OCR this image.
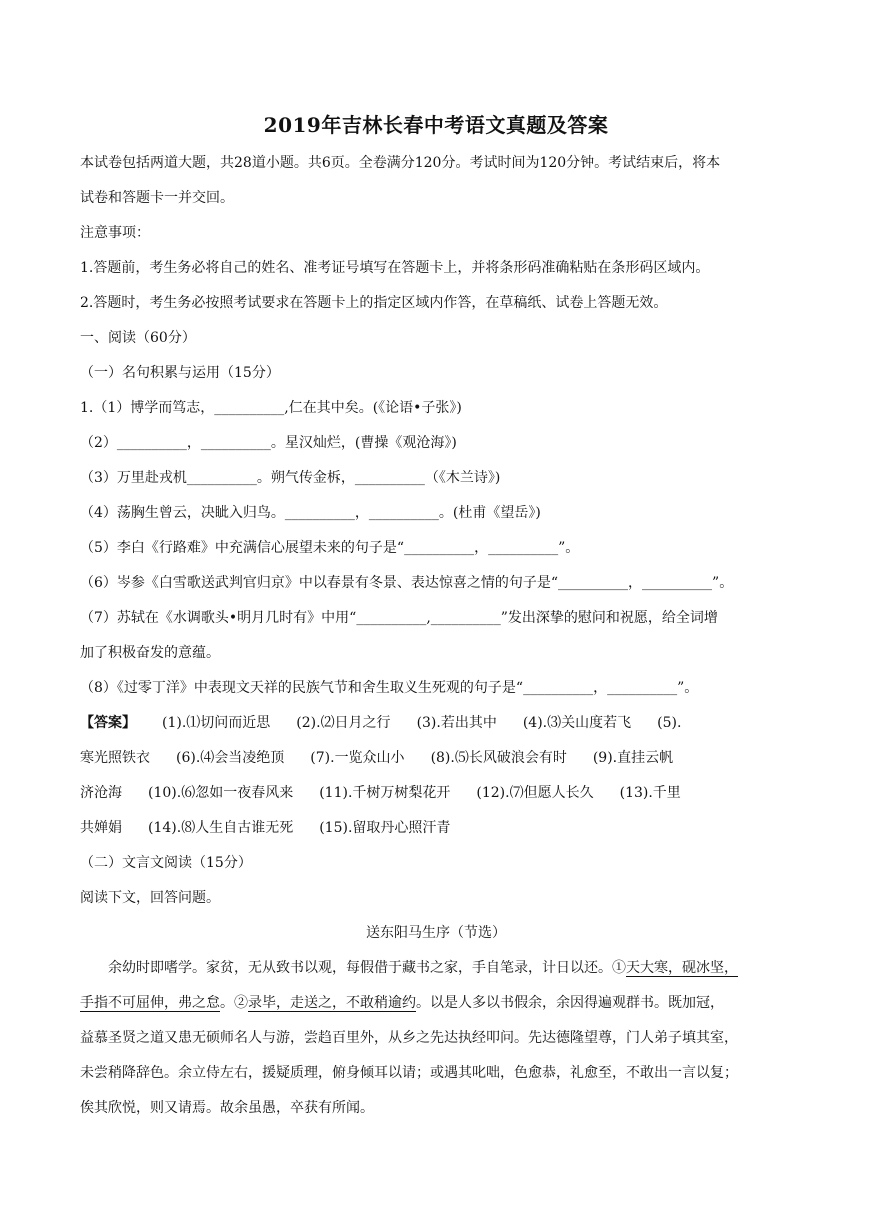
2019年吉林长春中考语文真题及答案
本试卷包括两道大题，共28道小题。共6页。全卷满分120分。考试时间为120分钟。考试结束后，将本
试卷和答题卡一并交回。
注意事项：
1.答题前，考生务必将自己的姓名、准考证号填写在答题卡上，并将条形码准确粘贴在条形码区域内。
2.答题时，考生务必按照考试要求在答题卡上的指定区域内作答，在草稿纸、试卷上答题无效。
一、阅读（60分）
（一）名句积累与运用（15分）
1.（1）博学而笃志，__________,仁在其中矣。(《论语•子张》)
（2）__________，__________。星汉灿烂，(曹操《观沧海》)
（3）万里赴戎机__________。朔气传金柝，__________（《木兰诗》)
（4）荡胸生曾云，决眦入归鸟。__________，__________。(杜甫《望岳》)
（5）李白《行路难》中充满信心展望未来的句子是“__________，__________”。
（6）岑参《白雪歌送武判官归京》中以春景有冬景、表达惊喜之情的句子是“__________，__________”。
（7）苏轼在《水调歌头•明月几时有》中用“__________,__________”发出深挚的慰问和祝愿，给全词增
加了积极奋发的意蕴。
（8）《过零丁洋》中表现文天祥的民族气节和舍生取义生死观的句子是“__________，__________”。
【答案】 (1).⑴切问而近思 (2).⑵日月之行 (3).若出其中 (4).⑶关山度若飞 (5).
寒光照铁衣 (6).⑷会当凌绝顶 (7).一览众山小 (8).⑸长风破浪会有时 (9).直挂云帆
济沧海 (10).⑹忽如一夜春风来 (11).千树万树梨花开 (12).⑺但愿人长久 (13).千里
共婵娟 (14).⑻人生自古谁无死 (15).留取丹心照汗青
（二）文言文阅读（15分）
阅读下文，回答问题。
送东阳马生序（节选）
余幼时即嗜学。家贫，无从致书以观，每假借于藏书之家，手自笔录，计日以还。①天大寒，砚冰坚，
手指不可屈伸，弗之怠。②录毕，走送之，不敢稍逾约。以是人多以书假余，余因得遍观群书。既加冠，
益慕圣贤之道又患无硕师名人与游，尝趋百里外，从乡之先达执经叩问。先达德隆望尊，门人弟子填其室，
未尝稍降辞色。余立侍左右，援疑质理，俯身倾耳以请；或遇其叱咄，色愈恭，礼愈至，不敢出一言以复；
俟其欣悦，则又请焉。故余虽愚，卒获有所闻。
